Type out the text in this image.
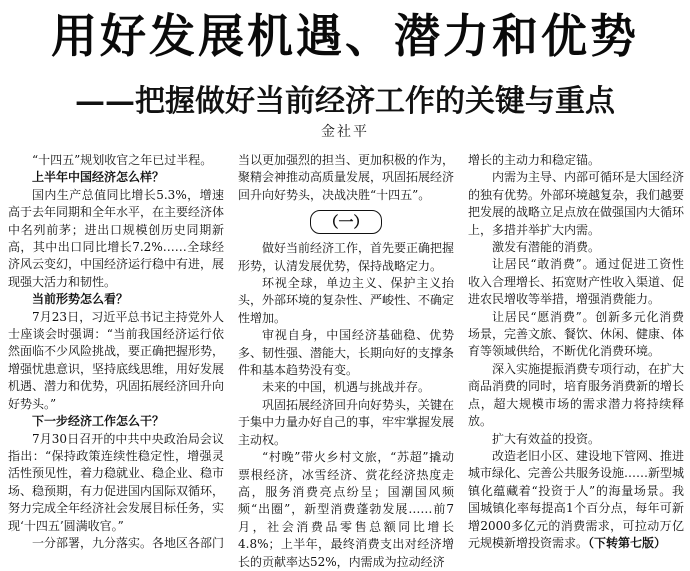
用好发展机遇、潜力和优势
——把握做好当前经济工作的关键与重点
金社平

“十四五”规划收官之年已过半程。

上半年中国经济怎么样？

国内生产总值同比增长5.3%，增速高于去年同期和全年水平，在主要经济体中名列前茅；进出口规模创历史同期新高，其中出口同比增长7.2%……全球经济风云变幻，中国经济运行稳中有进，展现强大活力和韧性。

当前形势怎么看？

7月23日，习近平总书记主持党外人士座谈会时强调：“当前我国经济运行依然面临不少风险挑战，要正确把握形势，增强忧患意识，坚持底线思维，用好发展机遇、潜力和优势，巩固拓展经济回升向好势头。”

下一步经济工作怎么干？

7月30日召开的中共中央政治局会议指出：“保持政策连续性稳定性，增强灵活性预见性，着力稳就业、稳企业、稳市场、稳预期，有力促进国内国际双循环，努力完成全年经济社会发展目标任务，实现‘十四五’圆满收官。”

一分部署，九分落实。各地区各部门

当以更加强烈的担当、更加积极的作为，聚精会神推动高质量发展，巩固拓展经济回升向好势头，决战决胜“十四五”。

（一）

做好当前经济工作，首先要正确把握形势，认清发展优势，保持战略定力。

环视全球，单边主义、保护主义抬头，外部环境的复杂性、严峻性、不确定性增加。

审视自身，中国经济基础稳、优势多、韧性强、潜能大，长期向好的支撑条件和基本趋势没有变。

未来的中国，机遇与挑战并存。

巩固拓展经济回升向好势头，关键在于集中力量办好自己的事，牢牢掌握发展主动权。

“村晚”带火乡村文旅，“苏超”撬动票根经济，冰雪经济、赏花经济热度走高，服务消费亮点纷呈；国潮国风频频“出圈”，新型消费蓬勃发展……前7月，社会消费品零售总额同比增长4.8%；上半年，最终消费支出对经济增长的贡献率达52%，内需成为拉动经济

增长的主动力和稳定锚。

内需为主导、内部可循环是大国经济的独有优势。外部环境越复杂，我们越要把发展的战略立足点放在做强国内大循环上，多措并举扩大内需。

激发有潜能的消费。

让居民“敢消费”。通过促进工资性收入合理增长、拓宽财产性收入渠道、促进农民增收等举措，增强消费能力。

让居民“愿消费”。创新多元化消费场景，完善文旅、餐饮、休闲、健康、体育等领域供给，不断优化消费环境。

深入实施提振消费专项行动，在扩大商品消费的同时，培育服务消费新的增长点，超大规模市场的需求潜力将持续释放。

扩大有效益的投资。

改造老旧小区、建设地下管网、推进城市绿化、完善公共服务设施……新型城镇化蕴藏着“投资于人”的海量场景。我国城镇化率每提高1个百分点，每年可新增2000多亿元的消费需求，可拉动万亿元规模新增投资需求。（下转第七版）
